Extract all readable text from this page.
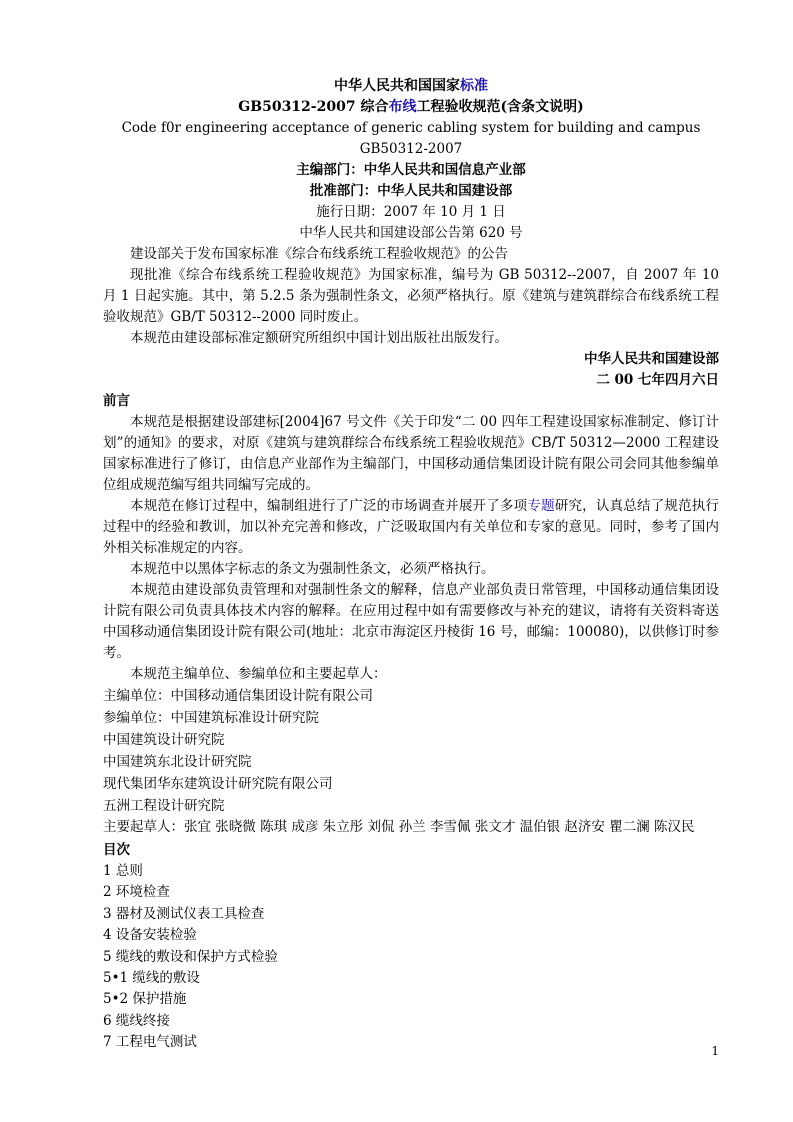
中华人民共和国国家标准

GB50312-2007 综合布线工程验收规范(含条文说明)

Code f0r engineering acceptance of generic cabling system for building and campus

GB50312-2007

主编部门：中华人民共和国信息产业部

批准部门：中华人民共和国建设部

施行日期：2007 年 10 月 1 日

中华人民共和国建设部公告第 620 号

建设部关于发布国家标准《综合布线系统工程验收规范》的公告

现批准《综合布线系统工程验收规范》为国家标准，编号为 GB 50312--2007，自 2007 年 10 月 1 日起实施。其中，第 5.2.5 条为强制性条文，必须严格执行。原《建筑与建筑群综合布线系统工程验收规范》GB/T 50312--2000 同时废止。

本规范由建设部标准定额研究所组织中国计划出版社出版发行。

中华人民共和国建设部

二 00 七年四月六日

前言

本规范是根据建设部建标[2004]67 号文件《关于印发“二 00 四年工程建设国家标准制定、修订计划”的通知》的要求，对原《建筑与建筑群综合布线系统工程验收规范》CB/T 50312—2000 工程建设国家标准进行了修订，由信息产业部作为主编部门，中国移动通信集团设计院有限公司会同其他参编单位组成规范编写组共同编写完成的。

本规范在修订过程中，编制组进行了广泛的市场调查并展开了多项专题研究，认真总结了规范执行过程中的经验和教训，加以补充完善和修改，广泛吸取国内有关单位和专家的意见。同时，参考了国内外相关标准规定的内容。

本规范中以黑体字标志的条文为强制性条文，必须严格执行。

本规范由建设部负责管理和对强制性条文的解释，信息产业部负责日常管理，中国移动通信集团设计院有限公司负责具体技术内容的解释。在应用过程中如有需要修改与补充的建议，请将有关资料寄送中国移动通信集团设计院有限公司(地址：北京市海淀区丹棱街 16 号，邮编：100080)，以供修订时参考。

本规范主编单位、参编单位和主要起草人：

主编单位：中国移动通信集团设计院有限公司

参编单位：中国建筑标准设计研究院

中国建筑设计研究院

中国建筑东北设计研究院

现代集团华东建筑设计研究院有限公司

五洲工程设计研究院

主要起草人：张宜 张晓微 陈琪 成彦 朱立彤 刘侃 孙兰 李雪佩 张文才 温伯银 赵济安 瞿二澜 陈汉民

目次

1 总则

2 环境检查

3 器材及测试仪表工具检查

4 设备安装检验

5 缆线的敷设和保护方式检验

5•1 缆线的敷设

5•2 保护措施

6 缆线终接

7 工程电气测试

1
